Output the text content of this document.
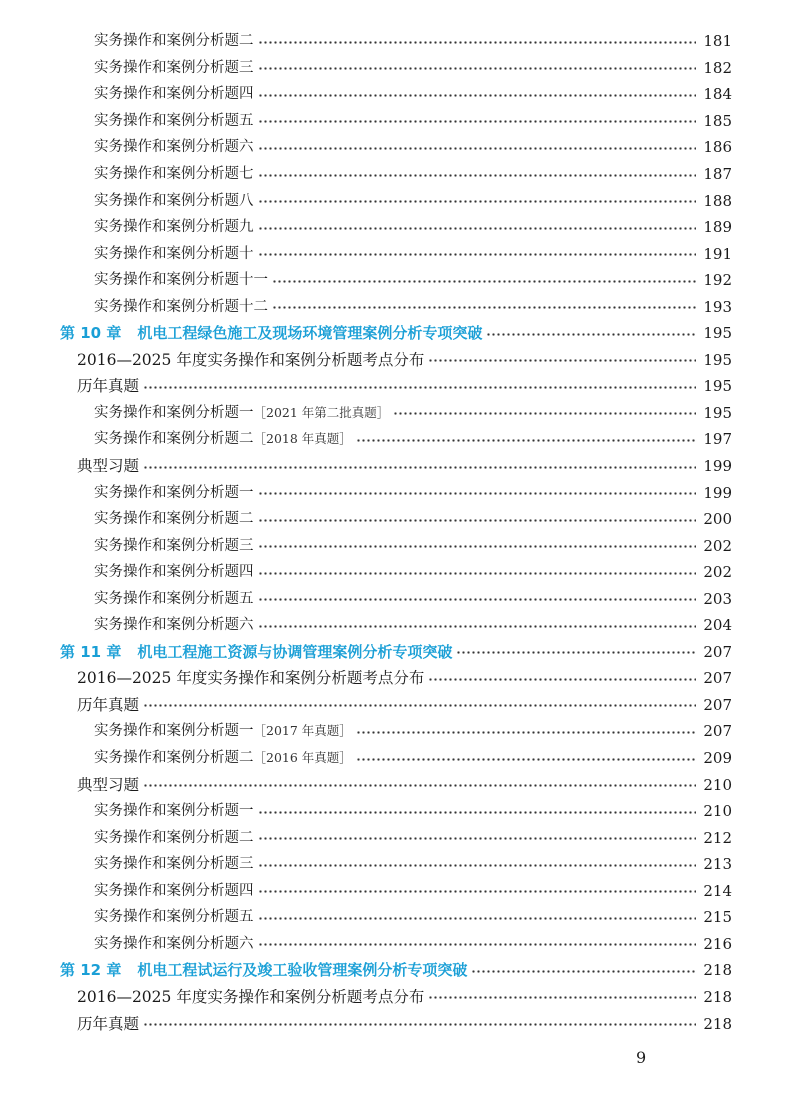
实务操作和案例分析题二	181
实务操作和案例分析题三	182
实务操作和案例分析题四	184
实务操作和案例分析题五	185
实务操作和案例分析题六	186
实务操作和案例分析题七	187
实务操作和案例分析题八	188
实务操作和案例分析题九	189
实务操作和案例分析题十	191
实务操作和案例分析题十一	192
实务操作和案例分析题十二	193
第 10 章 机电工程绿色施工及现场环境管理案例分析专项突破	195
2016—2025 年度实务操作和案例分析题考点分布	195
历年真题	195
实务操作和案例分析题一［2021 年第二批真题］	195
实务操作和案例分析题二［2018 年真题］	197
典型习题	199
实务操作和案例分析题一	199
实务操作和案例分析题二	200
实务操作和案例分析题三	202
实务操作和案例分析题四	202
实务操作和案例分析题五	203
实务操作和案例分析题六	204
第 11 章 机电工程施工资源与协调管理案例分析专项突破	207
2016—2025 年度实务操作和案例分析题考点分布	207
历年真题	207
实务操作和案例分析题一［2017 年真题］	207
实务操作和案例分析题二［2016 年真题］	209
典型习题	210
实务操作和案例分析题一	210
实务操作和案例分析题二	212
实务操作和案例分析题三	213
实务操作和案例分析题四	214
实务操作和案例分析题五	215
实务操作和案例分析题六	216
第 12 章 机电工程试运行及竣工验收管理案例分析专项突破	218
2016—2025 年度实务操作和案例分析题考点分布	218
历年真题	218
9
